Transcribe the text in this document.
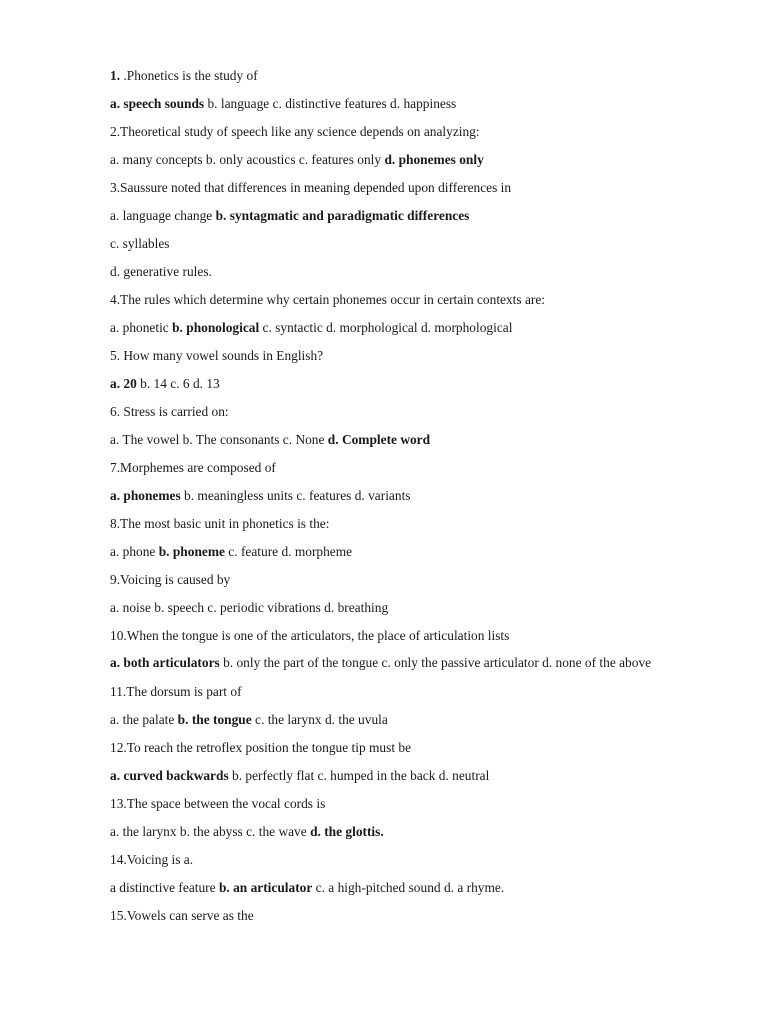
1. .Phonetics is the study of
a. speech sounds b. language c. distinctive features d. happiness
2.Theoretical study of speech like any science depends on analyzing:
a. many concepts b. only acoustics c. features only d. phonemes only
3.Saussure noted that differences in meaning depended upon differences in
a. language change b. syntagmatic and paradigmatic differences
c. syllables
d. generative rules.
4.The rules which determine why certain phonemes occur in certain contexts are:
a. phonetic b. phonological c. syntactic d. morphological d. morphological
5. How many vowel sounds in English?
a. 20 b. 14 c. 6 d. 13
6. Stress is carried on:
a. The vowel b. The consonants c. None d. Complete word
7.Morphemes are composed of
a. phonemes b. meaningless units c. features d. variants
8.The most basic unit in phonetics is the:
a. phone b. phoneme c. feature d. morpheme
9.Voicing is caused by
a. noise b. speech c. periodic vibrations d. breathing
10.When the tongue is one of the articulators, the place of articulation lists
a. both articulators b. only the part of the tongue c. only the passive articulator d. none of the above
11.The dorsum is part of
a. the palate b. the tongue c. the larynx d. the uvula
12.To reach the retroflex position the tongue tip must be
a. curved backwards b. perfectly flat c. humped in the back d. neutral
13.The space between the vocal cords is
a. the larynx b. the abyss c. the wave d. the glottis.
14.Voicing is a.
a distinctive feature b. an articulator c. a high-pitched sound d. a rhyme.
15.Vowels can serve as the
